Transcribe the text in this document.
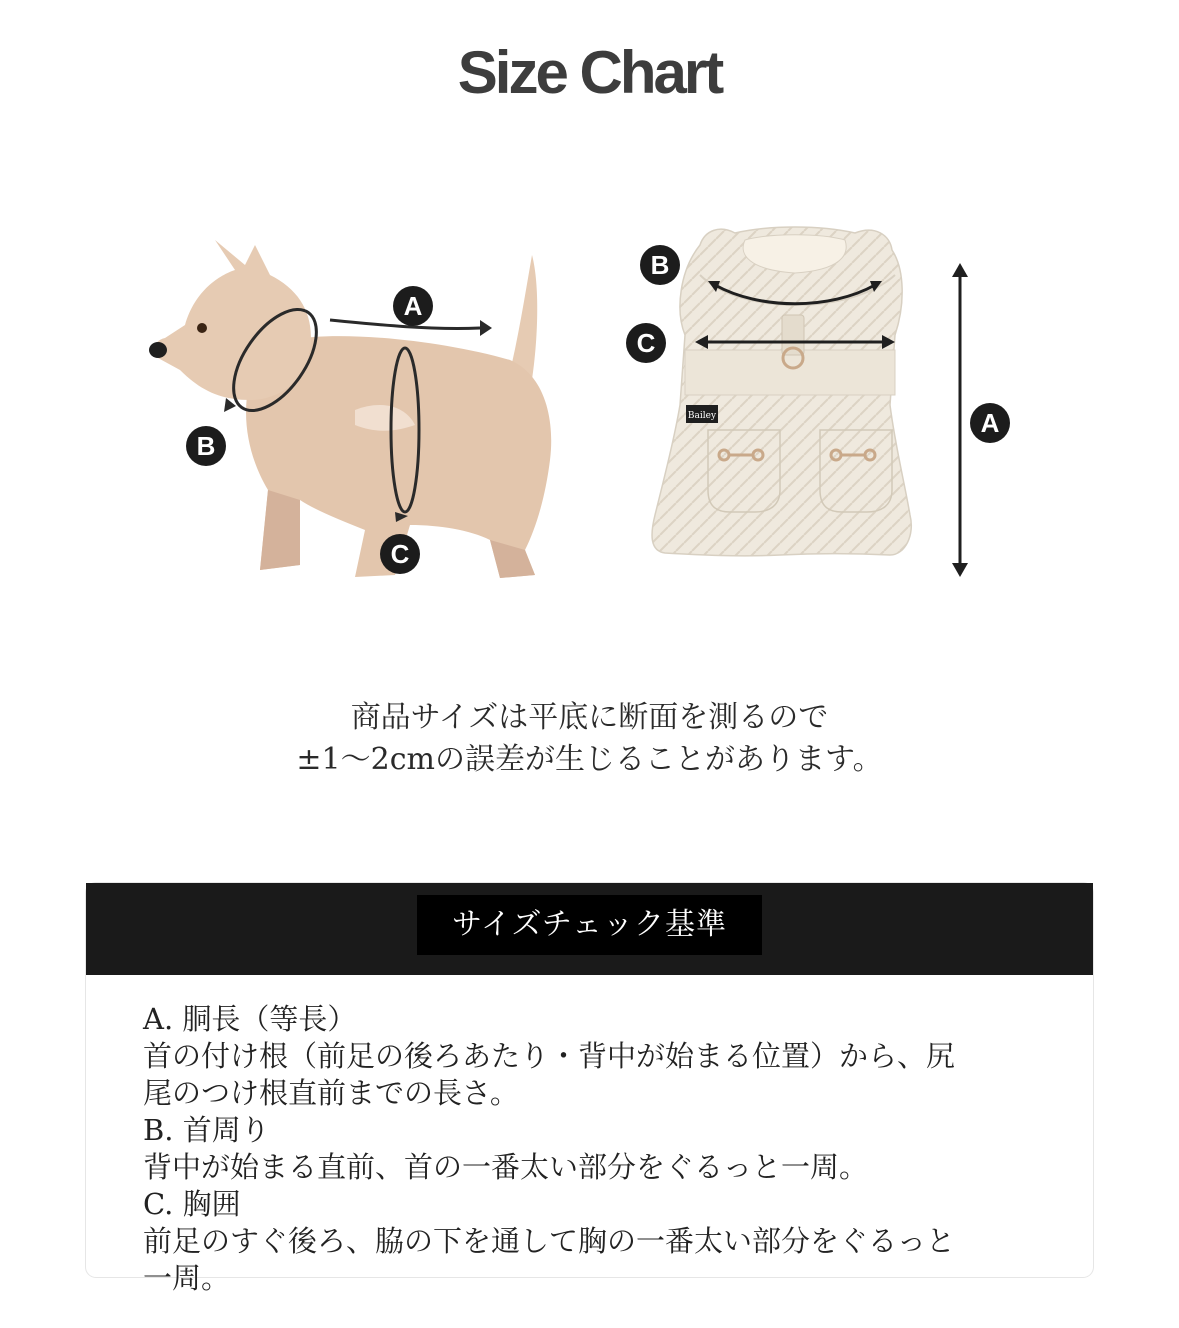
Size Chart
A
B
C
Bailey
B
C
A
商品サイズは平底に断面を測るので
±1〜2cmの誤差が生じることがあります。
サイズチェック基準
A. 胴長（等長）
首の付け根（前足の後ろあたり・背中が始まる位置）から、尻
尾のつけ根直前までの長さ。
B. 首周り
背中が始まる直前、首の一番太い部分をぐるっと一周。
C. 胸囲
前足のすぐ後ろ、脇の下を通して胸の一番太い部分をぐるっと
一周。
